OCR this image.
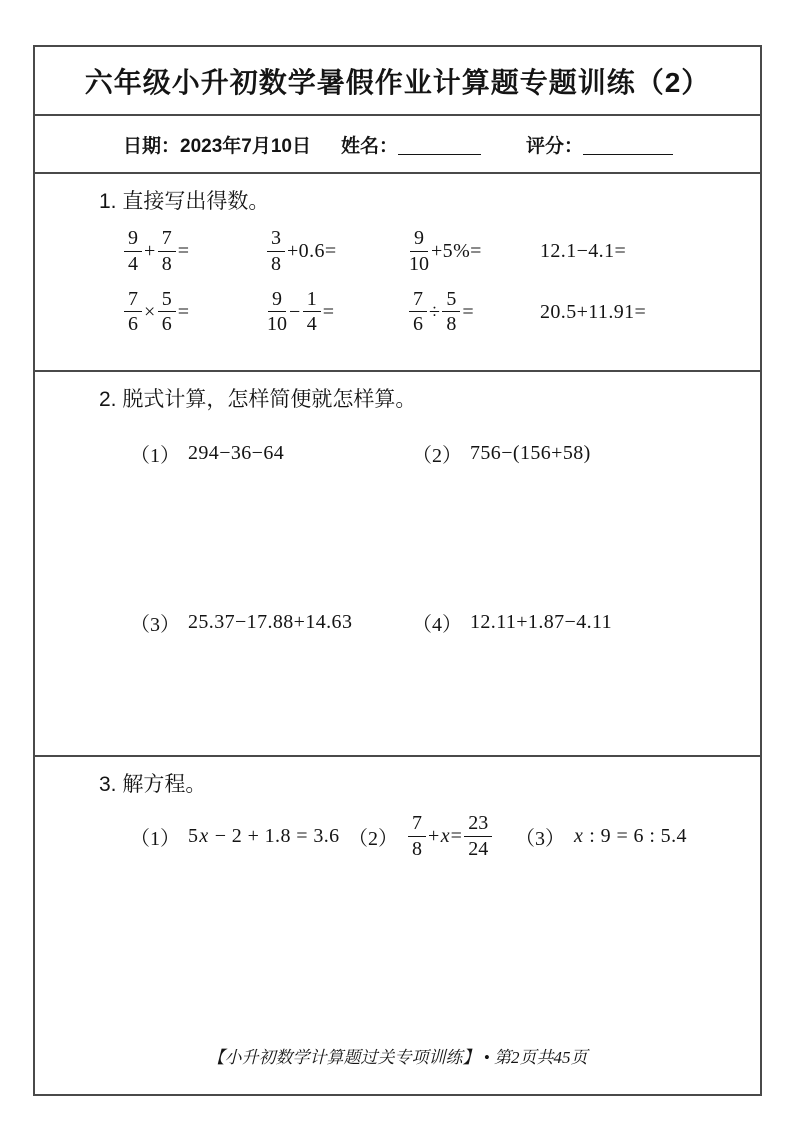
六年级小升初数学暑假作业计算题专题训练（2）
日期：2023年7月10日 姓名：	评分：
1. 直接写出得数。
$\frac{9}{4} + \frac{7}{8}$ =	$\frac{3}{8} +0.6=$	$\frac{9}{10} +5\%=$	12.1−4.1=
$\frac{7}{6} \times \frac{5}{6}$ =	$\frac{9}{10} - \frac{1}{4}$ =	$\frac{7}{6} \div \frac{5}{8}$ =	20.5+11.91=
2. 脱式计算，怎样简便就怎样算。
（1） 294−36−64	（2） 756−(156+58)
（3） 25.37−17.88+14.63	（4） 12.11+1.87−4.11
3. 解方程。
（1） 5 x − 2 + 1.8 = 3.6 $(2) \frac{7}{8} + x = \frac{23}{24} (3)$ x : 9 = 6 : 5.4
【小升初数学计算题过关专项训练】 • 第2页共45页
